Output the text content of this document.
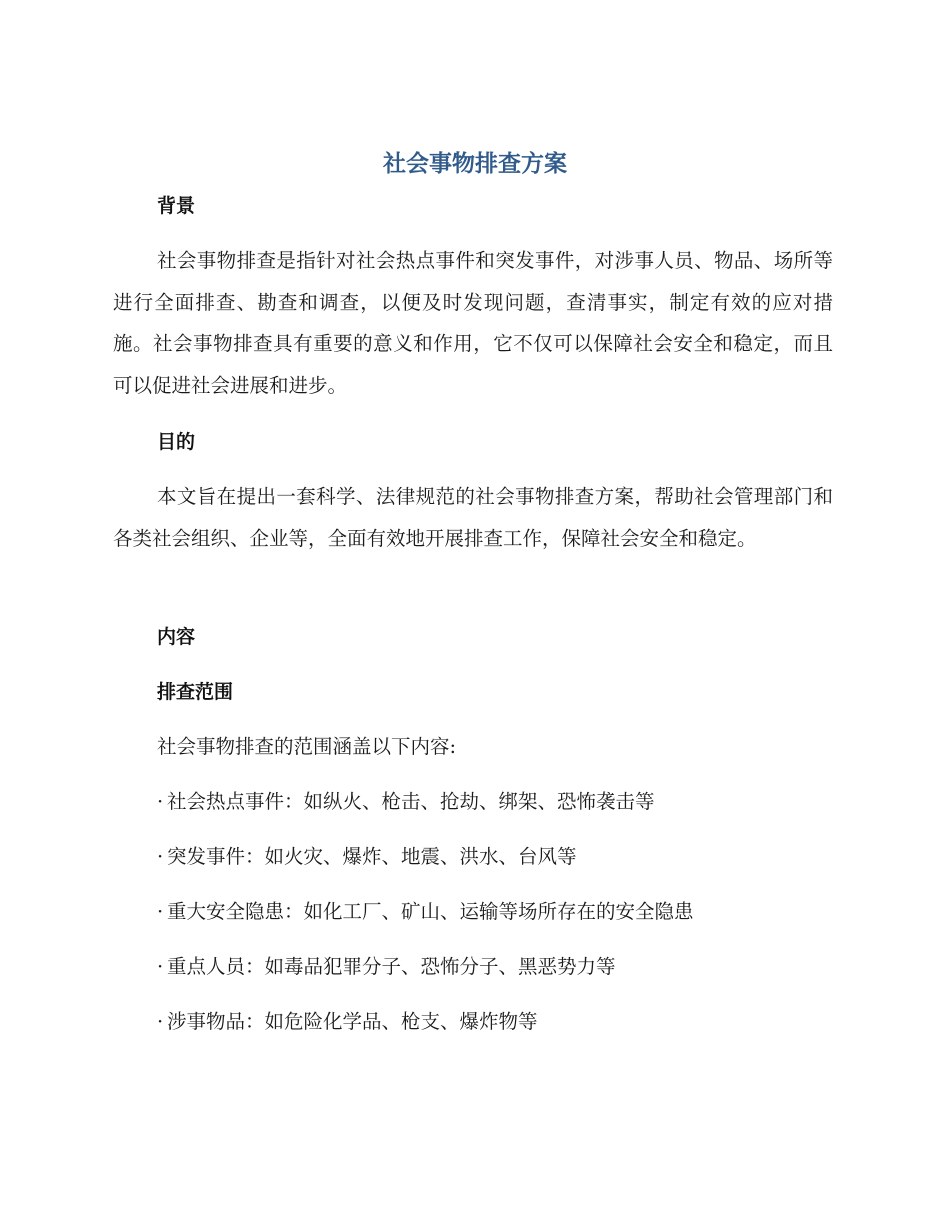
社会事物排查方案
背景

社会事物排查是指针对社会热点事件和突发事件，对涉事人员、物品、场所等进行全面排查、勘查和调查，以便及时发现问题，查清事实，制定有效的应对措施。社会事物排查具有重要的意义和作用，它不仅可以保障社会安全和稳定，而且可以促进社会进展和进步。

目的

本文旨在提出一套科学、法律规范的社会事物排查方案，帮助社会管理部门和各类社会组织、企业等，全面有效地开展排查工作，保障社会安全和稳定。

内容
排查范围

社会事物排查的范围涵盖以下内容:

· 社会热点事件：如纵火、枪击、抢劫、绑架、恐怖袭击等

· 突发事件：如火灾、爆炸、地震、洪水、台风等

· 重大安全隐患：如化工厂、矿山、运输等场所存在的安全隐患

· 重点人员：如毒品犯罪分子、恐怖分子、黑恶势力等

· 涉事物品：如危险化学品、枪支、爆炸物等
